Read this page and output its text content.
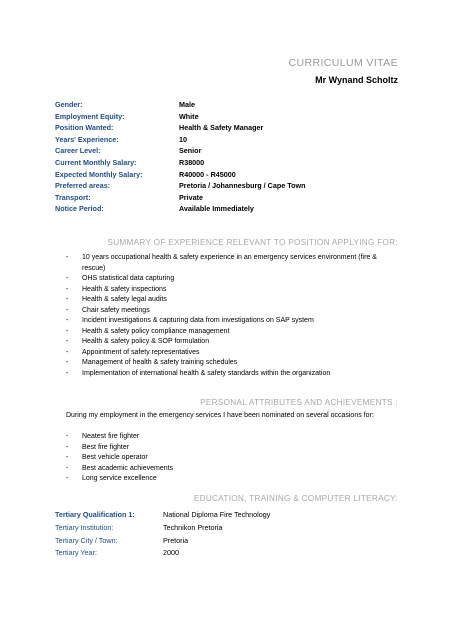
CURRICULUM VITAE
Mr Wynand Scholtz
Gender:	Male
Employment Equity:	White
Position Wanted:	Health & Safety Manager
Years' Experience:	10
Career Level:	Senior
Current Monthly Salary:	R38000
Expected Monthly Salary:	R40000 - R45000
Preferred areas:	Pretoria / Johannesburg / Cape Town
Transport:	Private
Notice Period:	Available Immediately
SUMMARY OF EXPERIENCE RELEVANT TO POSITION APPLYING FOR:
- 10 years occupational health & safety experience in an emergency services environment (fire & rescue)
- OHS statistical data capturing
- Health & safety inspections
- Health & safety legal audits
- Chair safety meetings
- Incident investigations & capturing data from investigations on SAP system
- Health & safety policy compliance management
- Health & safety policy & SOP formulation
- Appointment of safety representatives
- Management of health & safety training schedules
- Implementation of international health & safety standards within the organization
PERSONAL ATTRIBUTES AND ACHIEVEMENTS :
During my employment in the emergency services I have been nominated on several occasions for:
- Neatest fire fighter
- Best fire fighter
- Best vehicle operator
- Best academic achievements
- Long service excellence
EDUCATION, TRAINING & COMPUTER LITERACY:
Tertiary Qualification 1:	National Diploma Fire Technology
Tertiary Institution:	Technikon Pretoria
Tertiary City / Town:	Pretoria
Tertiary Year:	2000
